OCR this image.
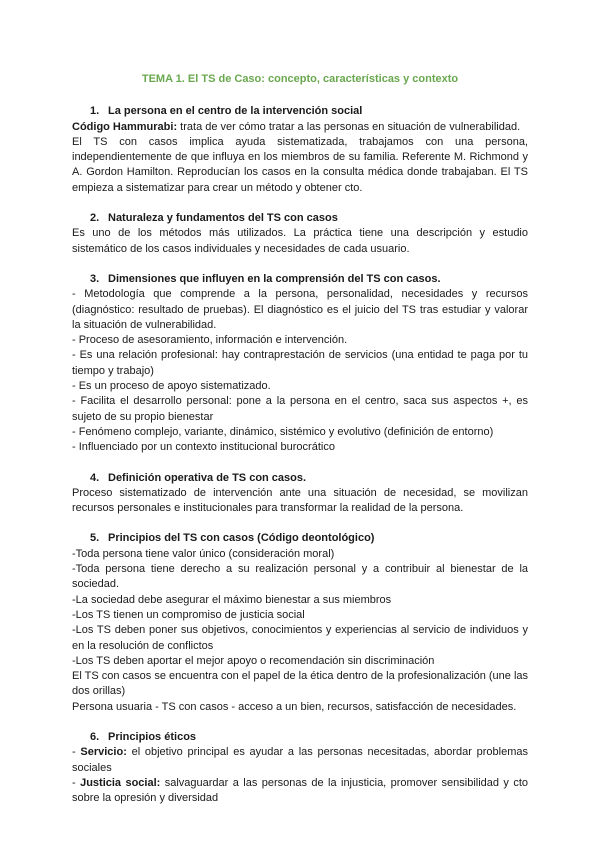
TEMA 1. El TS de Caso: concepto, características y contexto
1. La persona en el centro de la intervención social

Código Hammurabi: trata de ver cómo tratar a las personas en situación de vulnerabilidad.

El TS con casos implica ayuda sistematizada, trabajamos con una persona, independientemente de que influya en los miembros de su familia. Referente M. Richmond y A. Gordon Hamilton. Reproducían los casos en la consulta médica donde trabajaban. El TS empieza a sistematizar para crear un método y obtener cto.

2. Naturaleza y fundamentos del TS con casos

Es uno de los métodos más utilizados. La práctica tiene una descripción y estudio sistemático de los casos individuales y necesidades de cada usuario.

3. Dimensiones que influyen en la comprensión del TS con casos.

- Metodología que comprende a la persona, personalidad, necesidades y recursos (diagnóstico: resultado de pruebas). El diagnóstico es el juicio del TS tras estudiar y valorar la situación de vulnerabilidad.

- Proceso de asesoramiento, información e intervención.

- Es una relación profesional: hay contraprestación de servicios (una entidad te paga por tu tiempo y trabajo)

- Es un proceso de apoyo sistematizado.

- Facilita el desarrollo personal: pone a la persona en el centro, saca sus aspectos +, es sujeto de su propio bienestar

- Fenómeno complejo, variante, dinámico, sistémico y evolutivo (definición de entorno)

- Influenciado por un contexto institucional burocrático

4. Definición operativa de TS con casos.

Proceso sistematizado de intervención ante una situación de necesidad, se movilizan recursos personales e institucionales para transformar la realidad de la persona.

5. Principios del TS con casos (Código deontológico)

-Toda persona tiene valor único (consideración moral)

-Toda persona tiene derecho a su realización personal y a contribuir al bienestar de la sociedad.

-La sociedad debe asegurar el máximo bienestar a sus miembros

-Los TS tienen un compromiso de justicia social

-Los TS deben poner sus objetivos, conocimientos y experiencias al servicio de individuos y en la resolución de conflictos

-Los TS deben aportar el mejor apoyo o recomendación sin discriminación

El TS con casos se encuentra con el papel de la ética dentro de la profesionalización (une las dos orillas)

Persona usuaria - TS con casos - acceso a un bien, recursos, satisfacción de necesidades.

6. Principios éticos

- Servicio: el objetivo principal es ayudar a las personas necesitadas, abordar problemas sociales

- Justicia social: salvaguardar a las personas de la injusticia, promover sensibilidad y cto sobre la opresión y diversidad
